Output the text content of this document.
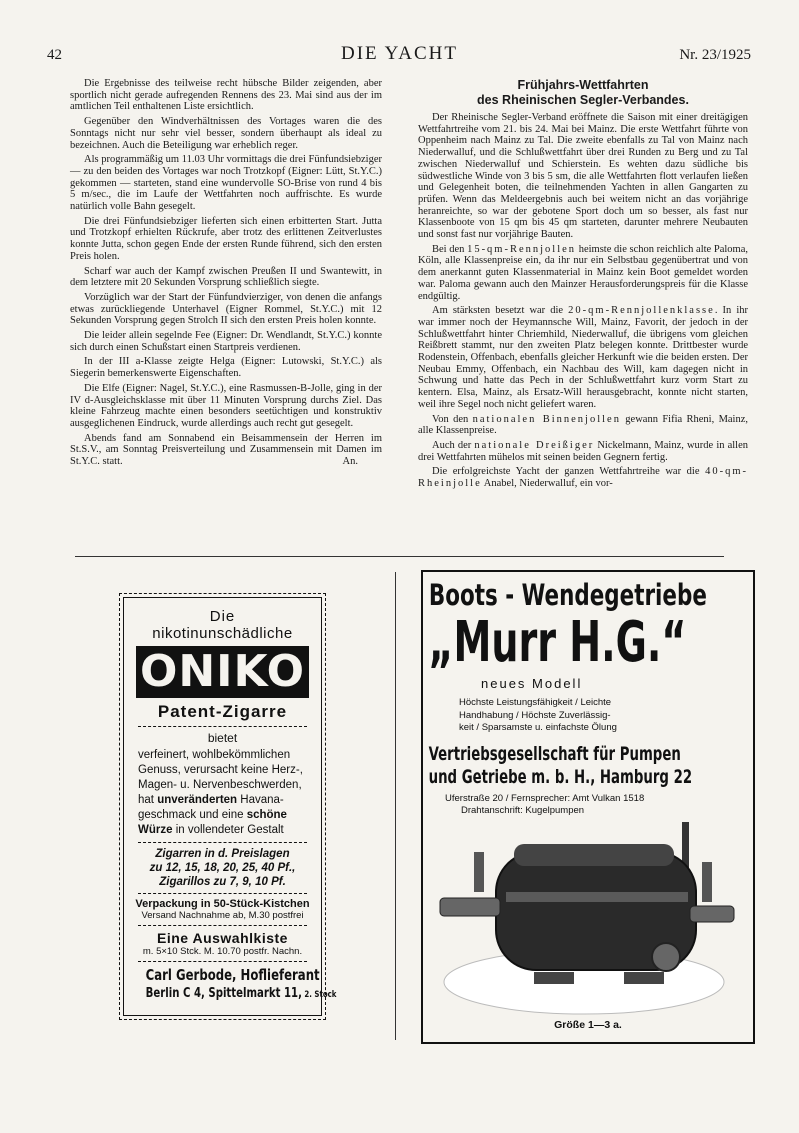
42	DIE YACHT	Nr. 23/1925

Die Ergebnisse des teilweise recht hübsche Bilder zeigenden, aber sportlich nicht gerade aufregenden Rennens des 23. Mai sind aus der im amtlichen Teil enthaltenen Liste ersichtlich.

Gegenüber den Windverhältnissen des Vortages waren die des Sonntags nicht nur sehr viel besser, sondern überhaupt als ideal zu bezeichnen. Auch die Beteiligung war erheblich reger.

Als programmäßig um 11.03 Uhr vormittags die drei Fünfundsiebziger — zu den beiden des Vortages war noch Trotzkopf (Eigner: Lütt, St.Y.C.) gekommen — starteten, stand eine wundervolle SO-Brise von rund 4 bis 5 m/sec., die im Laufe der Wettfahrten noch auffrischte. Es wurde natürlich volle Bahn gesegelt.

Die drei Fünfundsiebziger lieferten sich einen erbitterten Start. Jutta und Trotzkopf erhielten Rückrufe, aber trotz des erlittenen Zeitverlustes konnte Jutta, schon gegen Ende der ersten Runde führend, sich den ersten Preis holen.

Scharf war auch der Kampf zwischen Preußen II und Swantewitt, in dem letztere mit 20 Sekunden Vorsprung schließlich siegte.

Vorzüglich war der Start der Fünfundvierziger, von denen die anfangs etwas zurückliegende Unterhavel (Eigner Rommel, St.Y.C.) mit 12 Sekunden Vorsprung gegen Strolch II sich den ersten Preis holen konnte.

Die leider allein segelnde Fee (Eigner: Dr. Wendlandt, St.Y.C.) konnte sich durch einen Schußstart einen Startpreis verdienen.

In der III a-Klasse zeigte Helga (Eigner: Lutowski, St.Y.C.) als Siegerin bemerkenswerte Eigenschaften.

Die Elfe (Eigner: Nagel, St.Y.C.), eine Rasmussen-B-Jolle, ging in der IV d-Ausgleichsklasse mit über 11 Minuten Vorsprung durchs Ziel. Das kleine Fahrzeug machte einen besonders seetüchtigen und konstruktiv ausgeglichenen Eindruck, wurde allerdings auch recht gut gesegelt.

Abends fand am Sonnabend ein Beisammensein der Herren im St.S.V., am Sonntag Preisverteilung und Zusammensein mit Damen im St.Y.C. statt.	An.

Frühjahrs-Wettfahrten
des Rheinischen Segler-Verbandes.

Der Rheinische Segler-Verband eröffnete die Saison mit einer dreitägigen Wettfahrtreihe vom 21. bis 24. Mai bei Mainz. Die erste Wettfahrt führte von Oppenheim nach Mainz zu Tal. Die zweite ebenfalls zu Tal von Mainz nach Niederwalluf, und die Schlußwettfahrt über drei Runden zu Berg und zu Tal zwischen Niederwalluf und Schierstein. Es wehten dazu südliche bis südwestliche Winde von 3 bis 5 sm, die alle Wettfahrten flott verlaufen ließen und Gelegenheit boten, die teilnehmenden Yachten in allen Gangarten zu prüfen. Wenn das Meldeergebnis auch bei weitem nicht an das vorjährige heranreichte, so war der gebotene Sport doch um so besser, als fast nur Klassenboote von 15 qm bis 45 qm starteten, darunter mehrere Neubauten und sonst fast nur vorjährige Bauten.

Bei den 15-qm-Rennjollen heimste die schon reichlich alte Paloma, Köln, alle Klassenpreise ein, da ihr nur ein Selbstbau gegenübertrat und von dem anerkannt guten Klassenmaterial in Mainz kein Boot gemeldet worden war. Paloma gewann auch den Mainzer Herausforderungspreis für die Klasse endgültig.

Am stärksten besetzt war die 20-qm-Rennjollenklasse. In ihr war immer noch der Heymannsche Will, Mainz, Favorit, der jedoch in der Schlußwettfahrt hinter Chriemhild, Niederwalluf, die übrigens vom gleichen Reißbrett stammt, nur den zweiten Platz belegen konnte. Drittbester wurde Rodenstein, Offenbach, ebenfalls gleicher Herkunft wie die beiden ersten. Der Neubau Emmy, Offenbach, ein Nachbau des Will, kam dagegen nicht in Schwung und hatte das Pech in der Schlußwettfahrt kurz vorm Start zu kentern. Elsa, Mainz, als Ersatz-Will herausgebracht, konnte nicht starten, weil ihre Segel noch nicht geliefert waren.

Von den nationalen Binnenjollen gewann Fifia Rheni, Mainz, alle Klassenpreise.

Auch der nationale Dreißiger Nickelmann, Mainz, wurde in allen drei Wettfahrten mühelos mit seinen beiden Gegnern fertig.

Die erfolgreichste Yacht der ganzen Wettfahrtreihe war die 40-qm-Rheinjolle Anabel, Niederwalluf, ein vor-

Die
nikotinunschädliche
ONIKO
Patent-Zigarre
bietet
verfeinert, wohlbekömmlichen
Genuss, verursacht keine Herz-,
Magen- u. Nervenbeschwerden,
hat unveränderten Havana-
geschmack und eine schöne
Würze in vollendeter Gestalt
Zigarren in d. Preislagen
zu 12, 15, 18, 20, 25, 40 Pf.,
Zigarillos zu 7, 9, 10 Pf.
Verpackung in 50-Stück-Kistchen
Versand Nachnahme ab, M.30 postfrei
Eine Auswahlkiste
m. 5×10 Stck. M. 10.70 postfr. Nachn.
Carl Gerbode, Hoflieferant
Berlin C 4, Spittelmarkt 11, 2. Stock
Boots - Wendegetriebe
„Murr H.G.“
neues Modell
Höchste Leistungsfähigkeit / Leichte
Handhabung / Höchste Zuverlässig-
keit / Sparsamste u. einfachste Ölung
Vertriebsgesellschaft für Pumpen
und Getriebe m. b. H., Hamburg 22
Uferstraße 20 / Fernsprecher: Amt Vulkan 1518
Drahtanschrift: Kugelpumpen
Größe 1—3 a.
